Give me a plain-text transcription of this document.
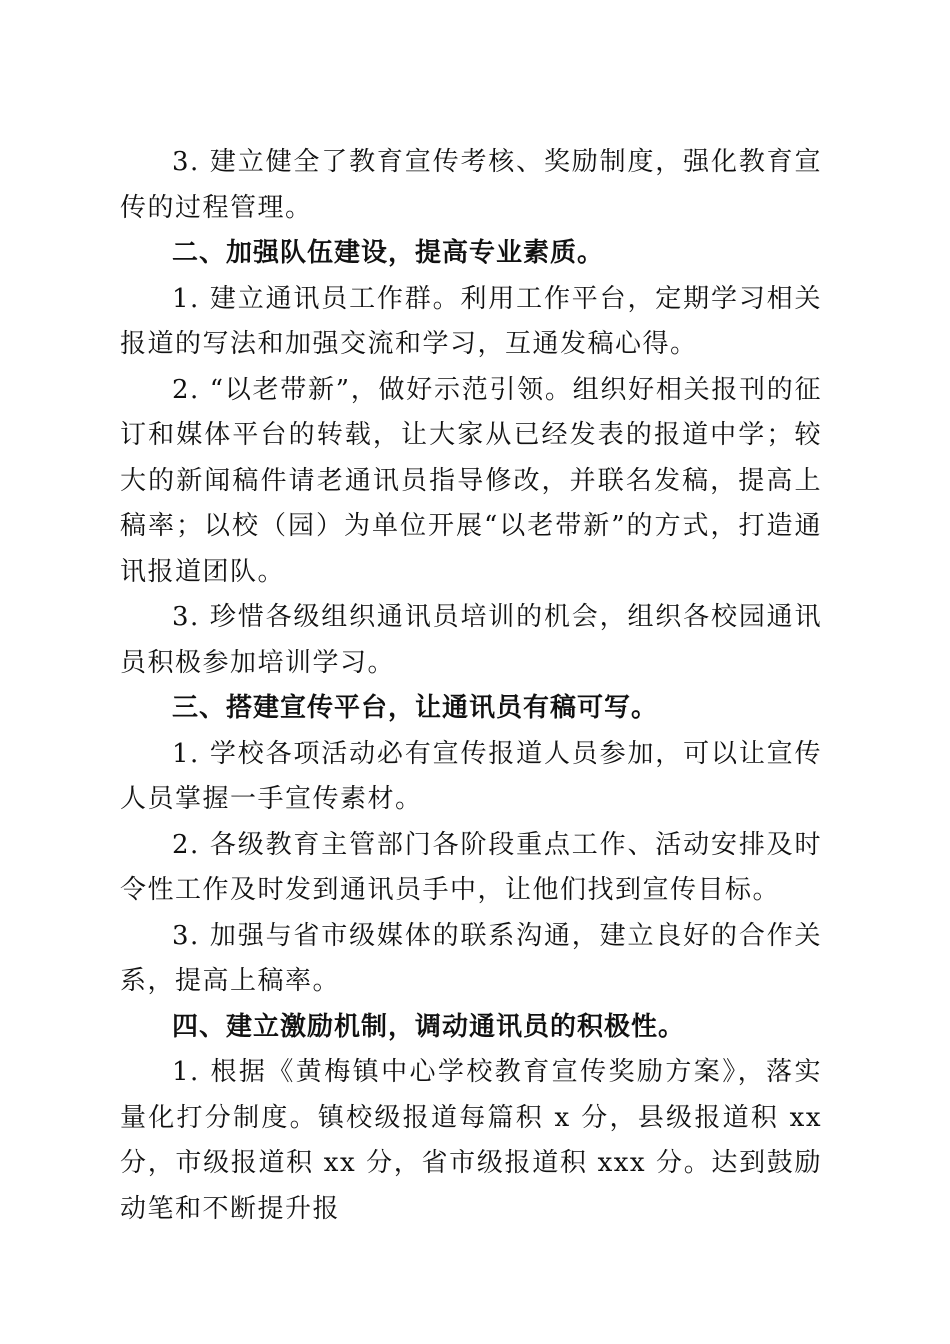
3. 建立健全了教育宣传考核、奖励制度，强化教育宣传的过程管理。

二、加强队伍建设，提高专业素质。

1. 建立通讯员工作群。利用工作平台，定期学习相关报道的写法和加强交流和学习，互通发稿心得。

2. “以老带新”，做好示范引领。组织好相关报刊的征订和媒体平台的转载，让大家从已经发表的报道中学；较大的新闻稿件请老通讯员指导修改，并联名发稿，提高上稿率；以校（园）为单位开展“以老带新”的方式，打造通讯报道团队。

3. 珍惜各级组织通讯员培训的机会，组织各校园通讯员积极参加培训学习。

三、搭建宣传平台，让通讯员有稿可写。

1. 学校各项活动必有宣传报道人员参加，可以让宣传人员掌握一手宣传素材。

2. 各级教育主管部门各阶段重点工作、活动安排及时令性工作及时发到通讯员手中，让他们找到宣传目标。

3. 加强与省市级媒体的联系沟通，建立良好的合作关系，提高上稿率。

四、建立激励机制，调动通讯员的积极性。

1. 根据《黄梅镇中心学校教育宣传奖励方案》，落实量化打分制度。镇校级报道每篇积 x 分，县级报道积 xx 分，市级报道积 xx 分，省市级报道积 xxx 分。达到鼓励动笔和不断提升报
